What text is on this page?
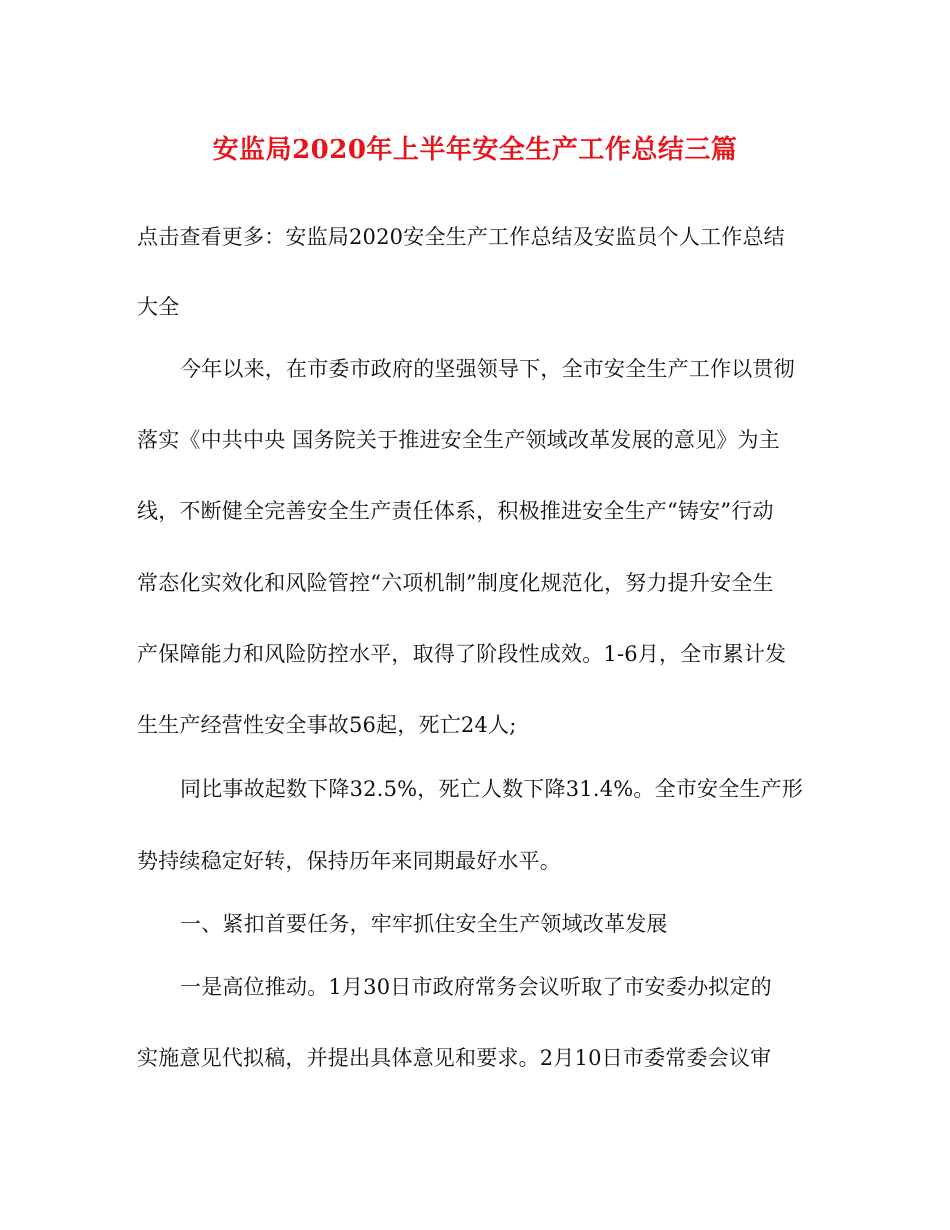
安监局2020年上半年安全生产工作总结三篇
点击查看更多：安监局2020安全生产工作总结及安监员个人工作总结
大全
今年以来，在市委市政府的坚强领导下，全市安全生产工作以贯彻
落实《中共中央 国务院关于推进安全生产领域改革发展的意见》为主
线，不断健全完善安全生产责任体系，积极推进安全生产“铸安”行动
常态化实效化和风险管控“六项机制”制度化规范化，努力提升安全生
产保障能力和风险防控水平，取得了阶段性成效。1-6月，全市累计发
生生产经营性安全事故56起，死亡24人;
同比事故起数下降32.5%，死亡人数下降31.4%。全市安全生产形
势持续稳定好转，保持历年来同期最好水平。
一、紧扣首要任务，牢牢抓住安全生产领域改革发展
一是高位推动。1月30日市政府常务会议听取了市安委办拟定的
实施意见代拟稿，并提出具体意见和要求。2月10日市委常委会议审
